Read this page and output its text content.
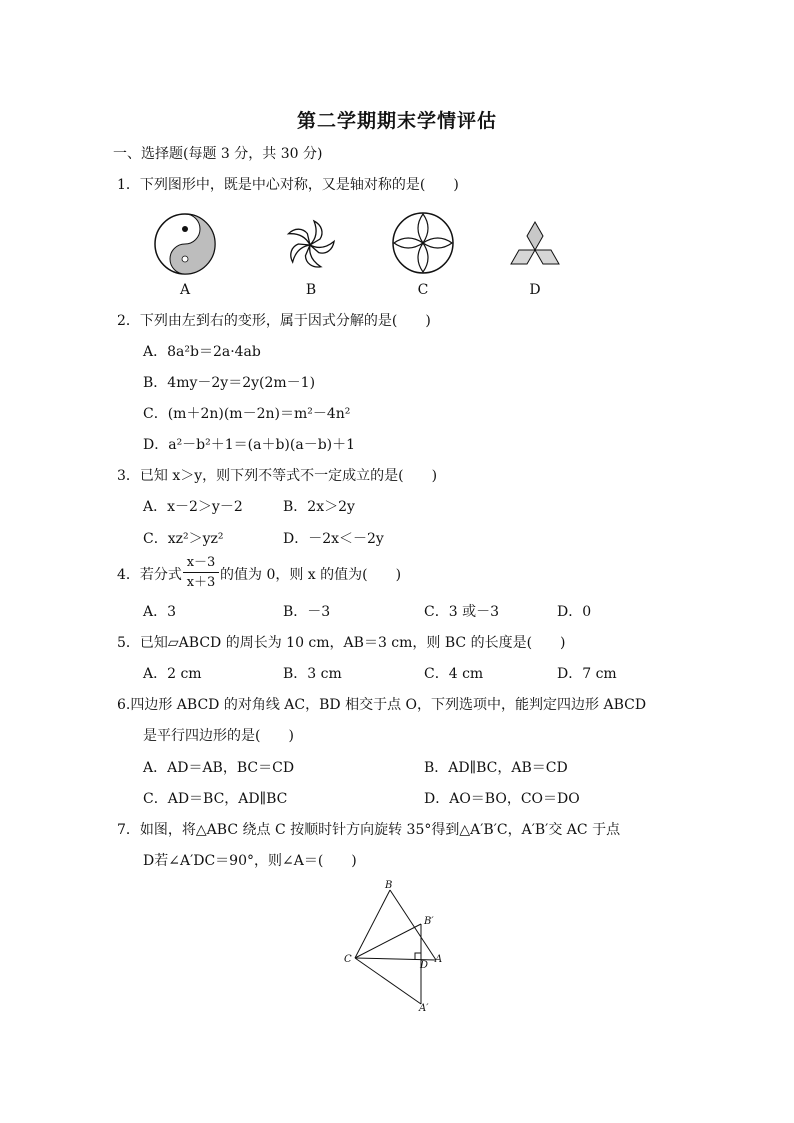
第二学期期末学情评估
一、选择题(每题 3 分，共 30 分)
1．下列图形中，既是中心对称，又是轴对称的是(　　)
A	B	C	D
2．下列由左到右的变形，属于因式分解的是(　　)
A．8a²b＝2a·4ab
B．4my－2y＝2y(2m－1)
C．(m＋2n)(m－2n)＝m²－4n²
D．a²－b²＋1＝(a＋b)(a－b)＋1
3．已知 x＞y，则下列不等式不一定成立的是(　　)
A．x－2＞y－2	B．2x＞2y
C．xz²＞yz²	D．－2x＜－2y
4．若分式
x－3
x＋3 的值为 0，则 x 的值为(　　)
A．3	B．－3	C．3 或－3	D．0
5．已知▱ABCD 的周长为 10 cm，AB＝3 cm，则 BC 的长度是(　　)
A．2 cm	B．3 cm	C．4 cm	D．7 cm
6.四边形 ABCD 的对角线 AC，BD 相交于点 O，下列选项中，能判定四边形 ABCD
是平行四边形的是(　　)
A．AD＝AB，BC＝CD	B．AD∥BC，AB＝CD
C．AD＝BC，AD∥BC	D．AO＝BO，CO＝DO
7．如图，将△ABC 绕点 C 按顺时针方向旋转 35°得到△A′B′C，A′B′交 AC 于点
D若∠A′DC＝90°，则∠A＝(　　)
B
B′
C
D
A
A′
